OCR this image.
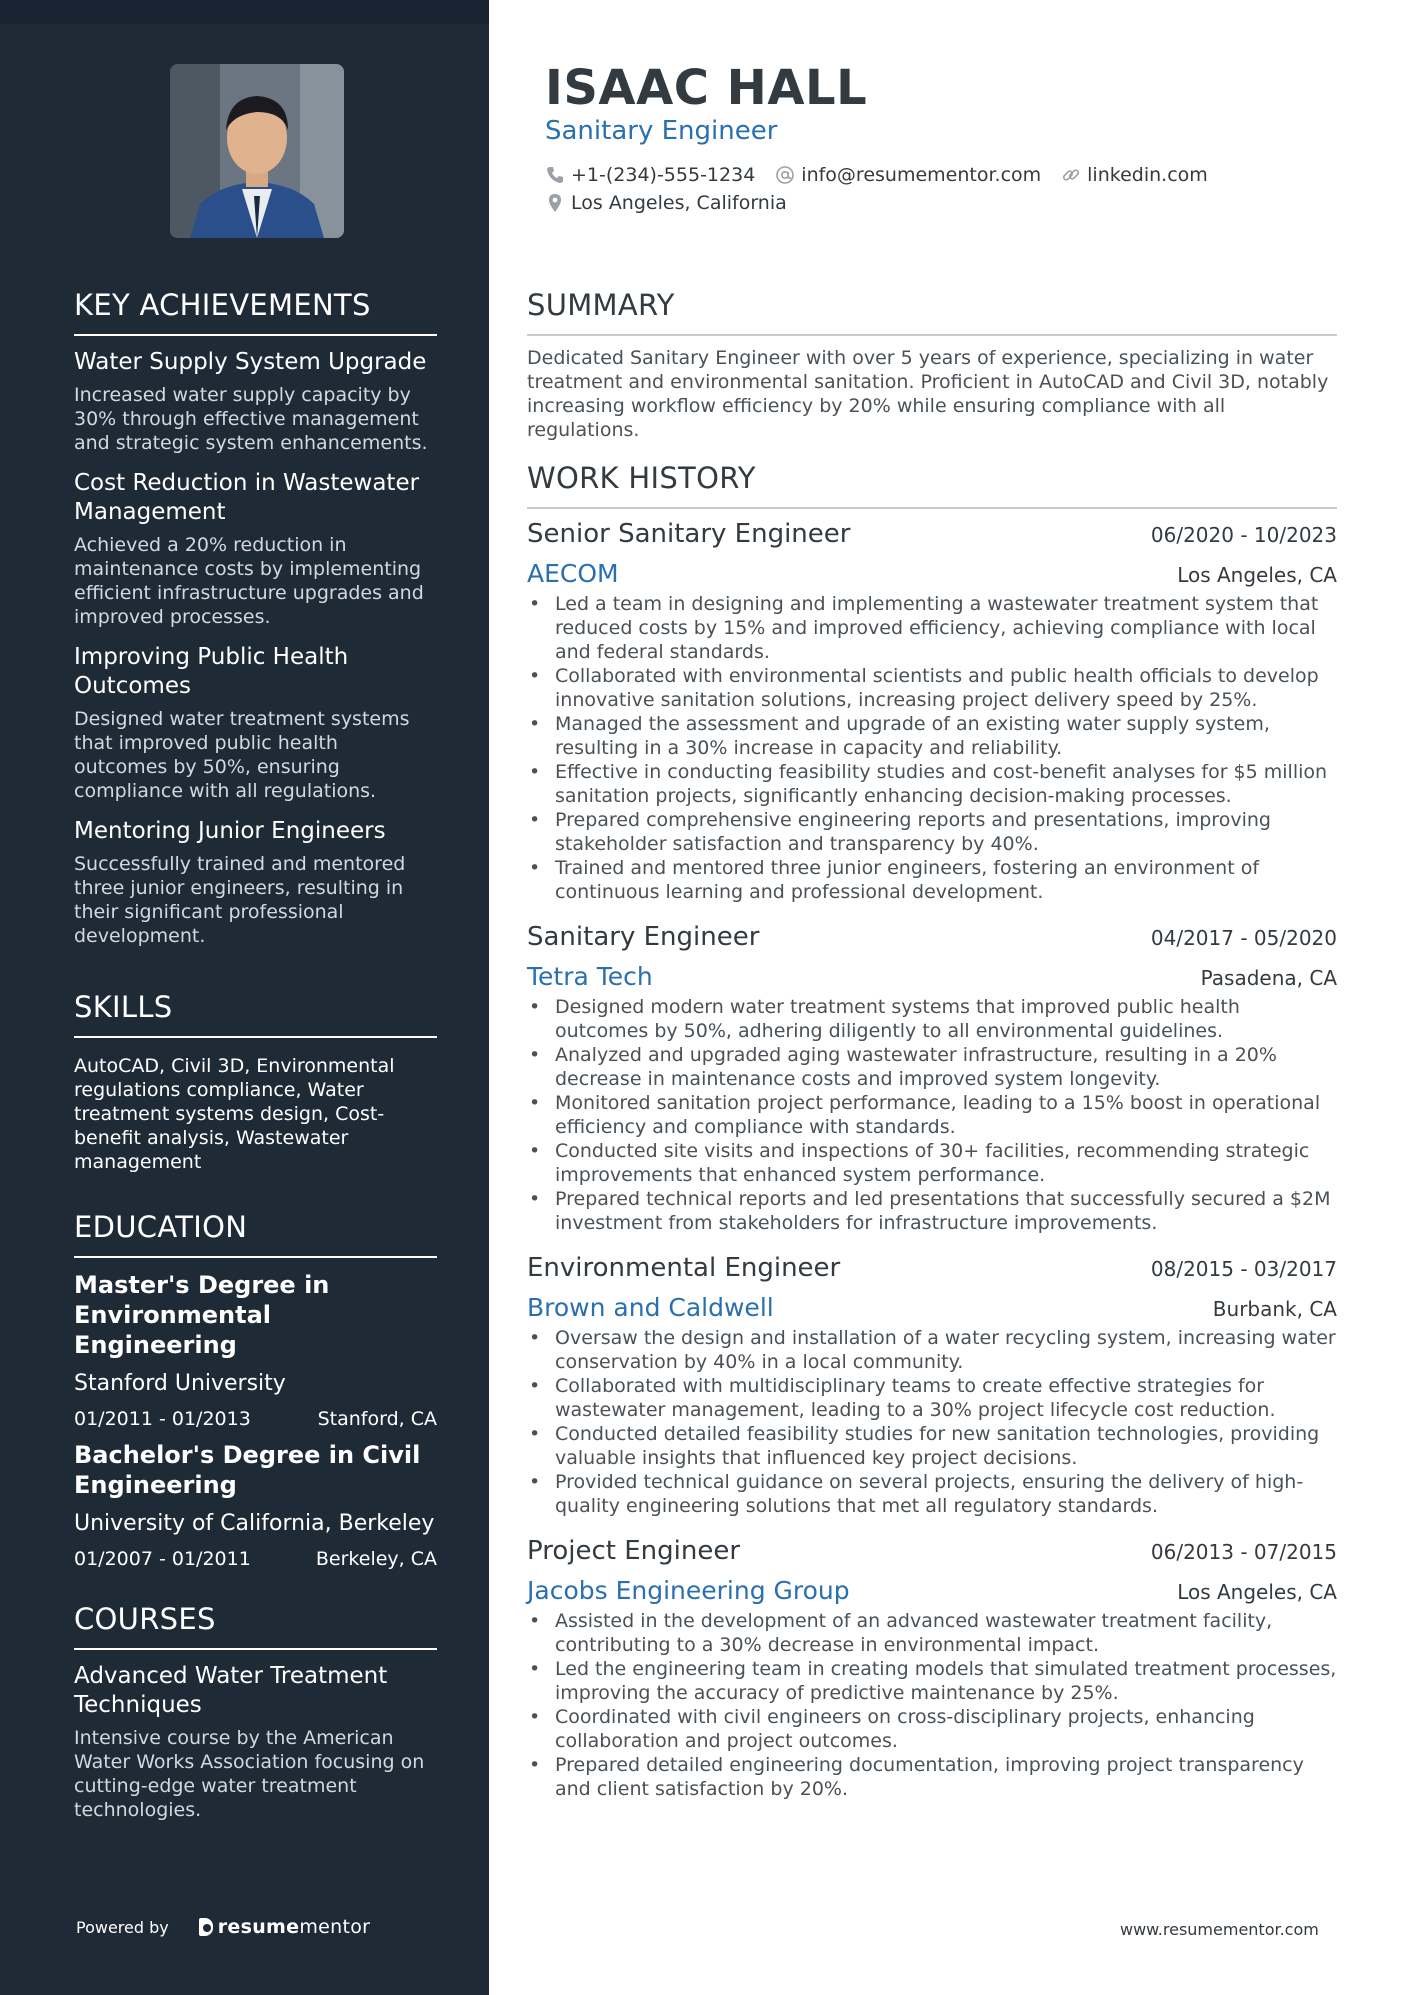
KEY ACHIEVEMENTS
Water Supply System Upgrade
Increased water supply capacity by 30% through effective management and strategic system enhancements.
Cost Reduction in Wastewater Management
Achieved a 20% reduction in maintenance costs by implementing efficient infrastructure upgrades and improved processes.
Improving Public Health Outcomes
Designed water treatment systems that improved public health outcomes by 50%, ensuring compliance with all regulations.
Mentoring Junior Engineers
Successfully trained and mentored three junior engineers, resulting in their significant professional development.
SKILLS
AutoCAD, Civil 3D, Environmental regulations compliance, Water treatment systems design, Cost-benefit analysis, Wastewater management
EDUCATION
Master's Degree in Environmental Engineering
Stanford University
01/2011 - 01/2013	Stanford, CA
Bachelor's Degree in Civil Engineering
University of California, Berkeley
01/2007 - 01/2011	Berkeley, CA
COURSES
Advanced Water Treatment Techniques
Intensive course by the American Water Works Association focusing on cutting-edge water treatment technologies.
Powered by	resume mentor
ISAAC HALL
Sanitary Engineer
+1-(234)-555-1234 info@resumementor.com linkedin.com
Los Angeles, California
SUMMARY
Dedicated Sanitary Engineer with over 5 years of experience, specializing in water treatment and environmental sanitation. Proficient in AutoCAD and Civil 3D, notably increasing workflow efficiency by 20% while ensuring compliance with all regulations.
WORK HISTORY
Senior Sanitary Engineer	06/2020 - 10/2023
AECOM	Los Angeles, CA
• Led a team in designing and implementing a wastewater treatment system that reduced costs by 15% and improved efficiency, achieving compliance with local and federal standards.
• Collaborated with environmental scientists and public health officials to develop innovative sanitation solutions, increasing project delivery speed by 25%.
• Managed the assessment and upgrade of an existing water supply system, resulting in a 30% increase in capacity and reliability.
• Effective in conducting feasibility studies and cost-benefit analyses for $5 million sanitation projects, significantly enhancing decision-making processes.
• Prepared comprehensive engineering reports and presentations, improving stakeholder satisfaction and transparency by 40%.
• Trained and mentored three junior engineers, fostering an environment of continuous learning and professional development.
Sanitary Engineer	04/2017 - 05/2020
Tetra Tech	Pasadena, CA
• Designed modern water treatment systems that improved public health outcomes by 50%, adhering diligently to all environmental guidelines.
• Analyzed and upgraded aging wastewater infrastructure, resulting in a 20% decrease in maintenance costs and improved system longevity.
• Monitored sanitation project performance, leading to a 15% boost in operational efficiency and compliance with standards.
• Conducted site visits and inspections of 30+ facilities, recommending strategic improvements that enhanced system performance.
• Prepared technical reports and led presentations that successfully secured a $2M investment from stakeholders for infrastructure improvements.
Environmental Engineer	08/2015 - 03/2017
Brown and Caldwell	Burbank, CA
• Oversaw the design and installation of a water recycling system, increasing water conservation by 40% in a local community.
• Collaborated with multidisciplinary teams to create effective strategies for wastewater management, leading to a 30% project lifecycle cost reduction.
• Conducted detailed feasibility studies for new sanitation technologies, providing valuable insights that influenced key project decisions.
• Provided technical guidance on several projects, ensuring the delivery of high-quality engineering solutions that met all regulatory standards.
Project Engineer	06/2013 - 07/2015
Jacobs Engineering Group	Los Angeles, CA
• Assisted in the development of an advanced wastewater treatment facility, contributing to a 30% decrease in environmental impact.
• Led the engineering team in creating models that simulated treatment processes, improving the accuracy of predictive maintenance by 25%.
• Coordinated with civil engineers on cross-disciplinary projects, enhancing collaboration and project outcomes.
• Prepared detailed engineering documentation, improving project transparency and client satisfaction by 20%.
www.resumementor.com
